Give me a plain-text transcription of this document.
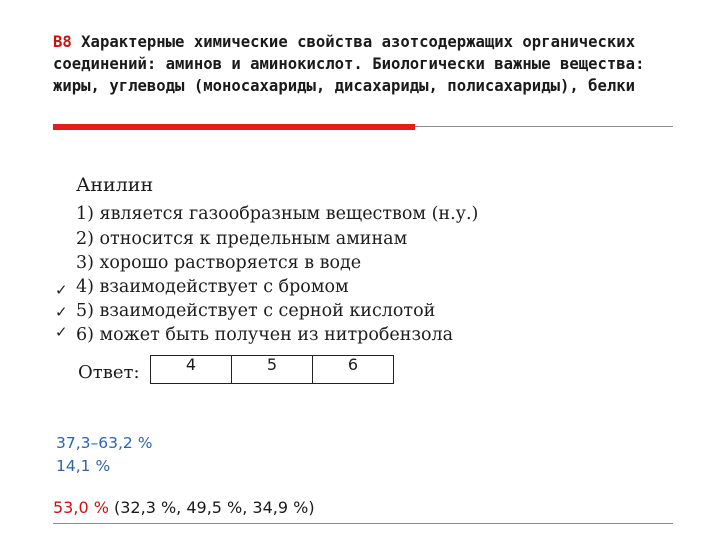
B8 Характерные химические свойства азотсодержащих органических соединений: аминов и аминокислот. Биологически важные вещества: жиры, углеводы (моносахариды, дисахариды, полисахариды), белки
Анилин
1) является газообразным веществом (н.у.)
2) относится к предельным аминам
3) хорошо растворяется в воде
4) взаимодействует с бромом
5) взаимодействует с серной кислотой
6) может быть получен из нитробензола
✓
✓
✓
Ответ:	4	5	6
37,3–63,2 %
14,1 %
53,0 % (32,3 %, 49,5 %, 34,9 %)
